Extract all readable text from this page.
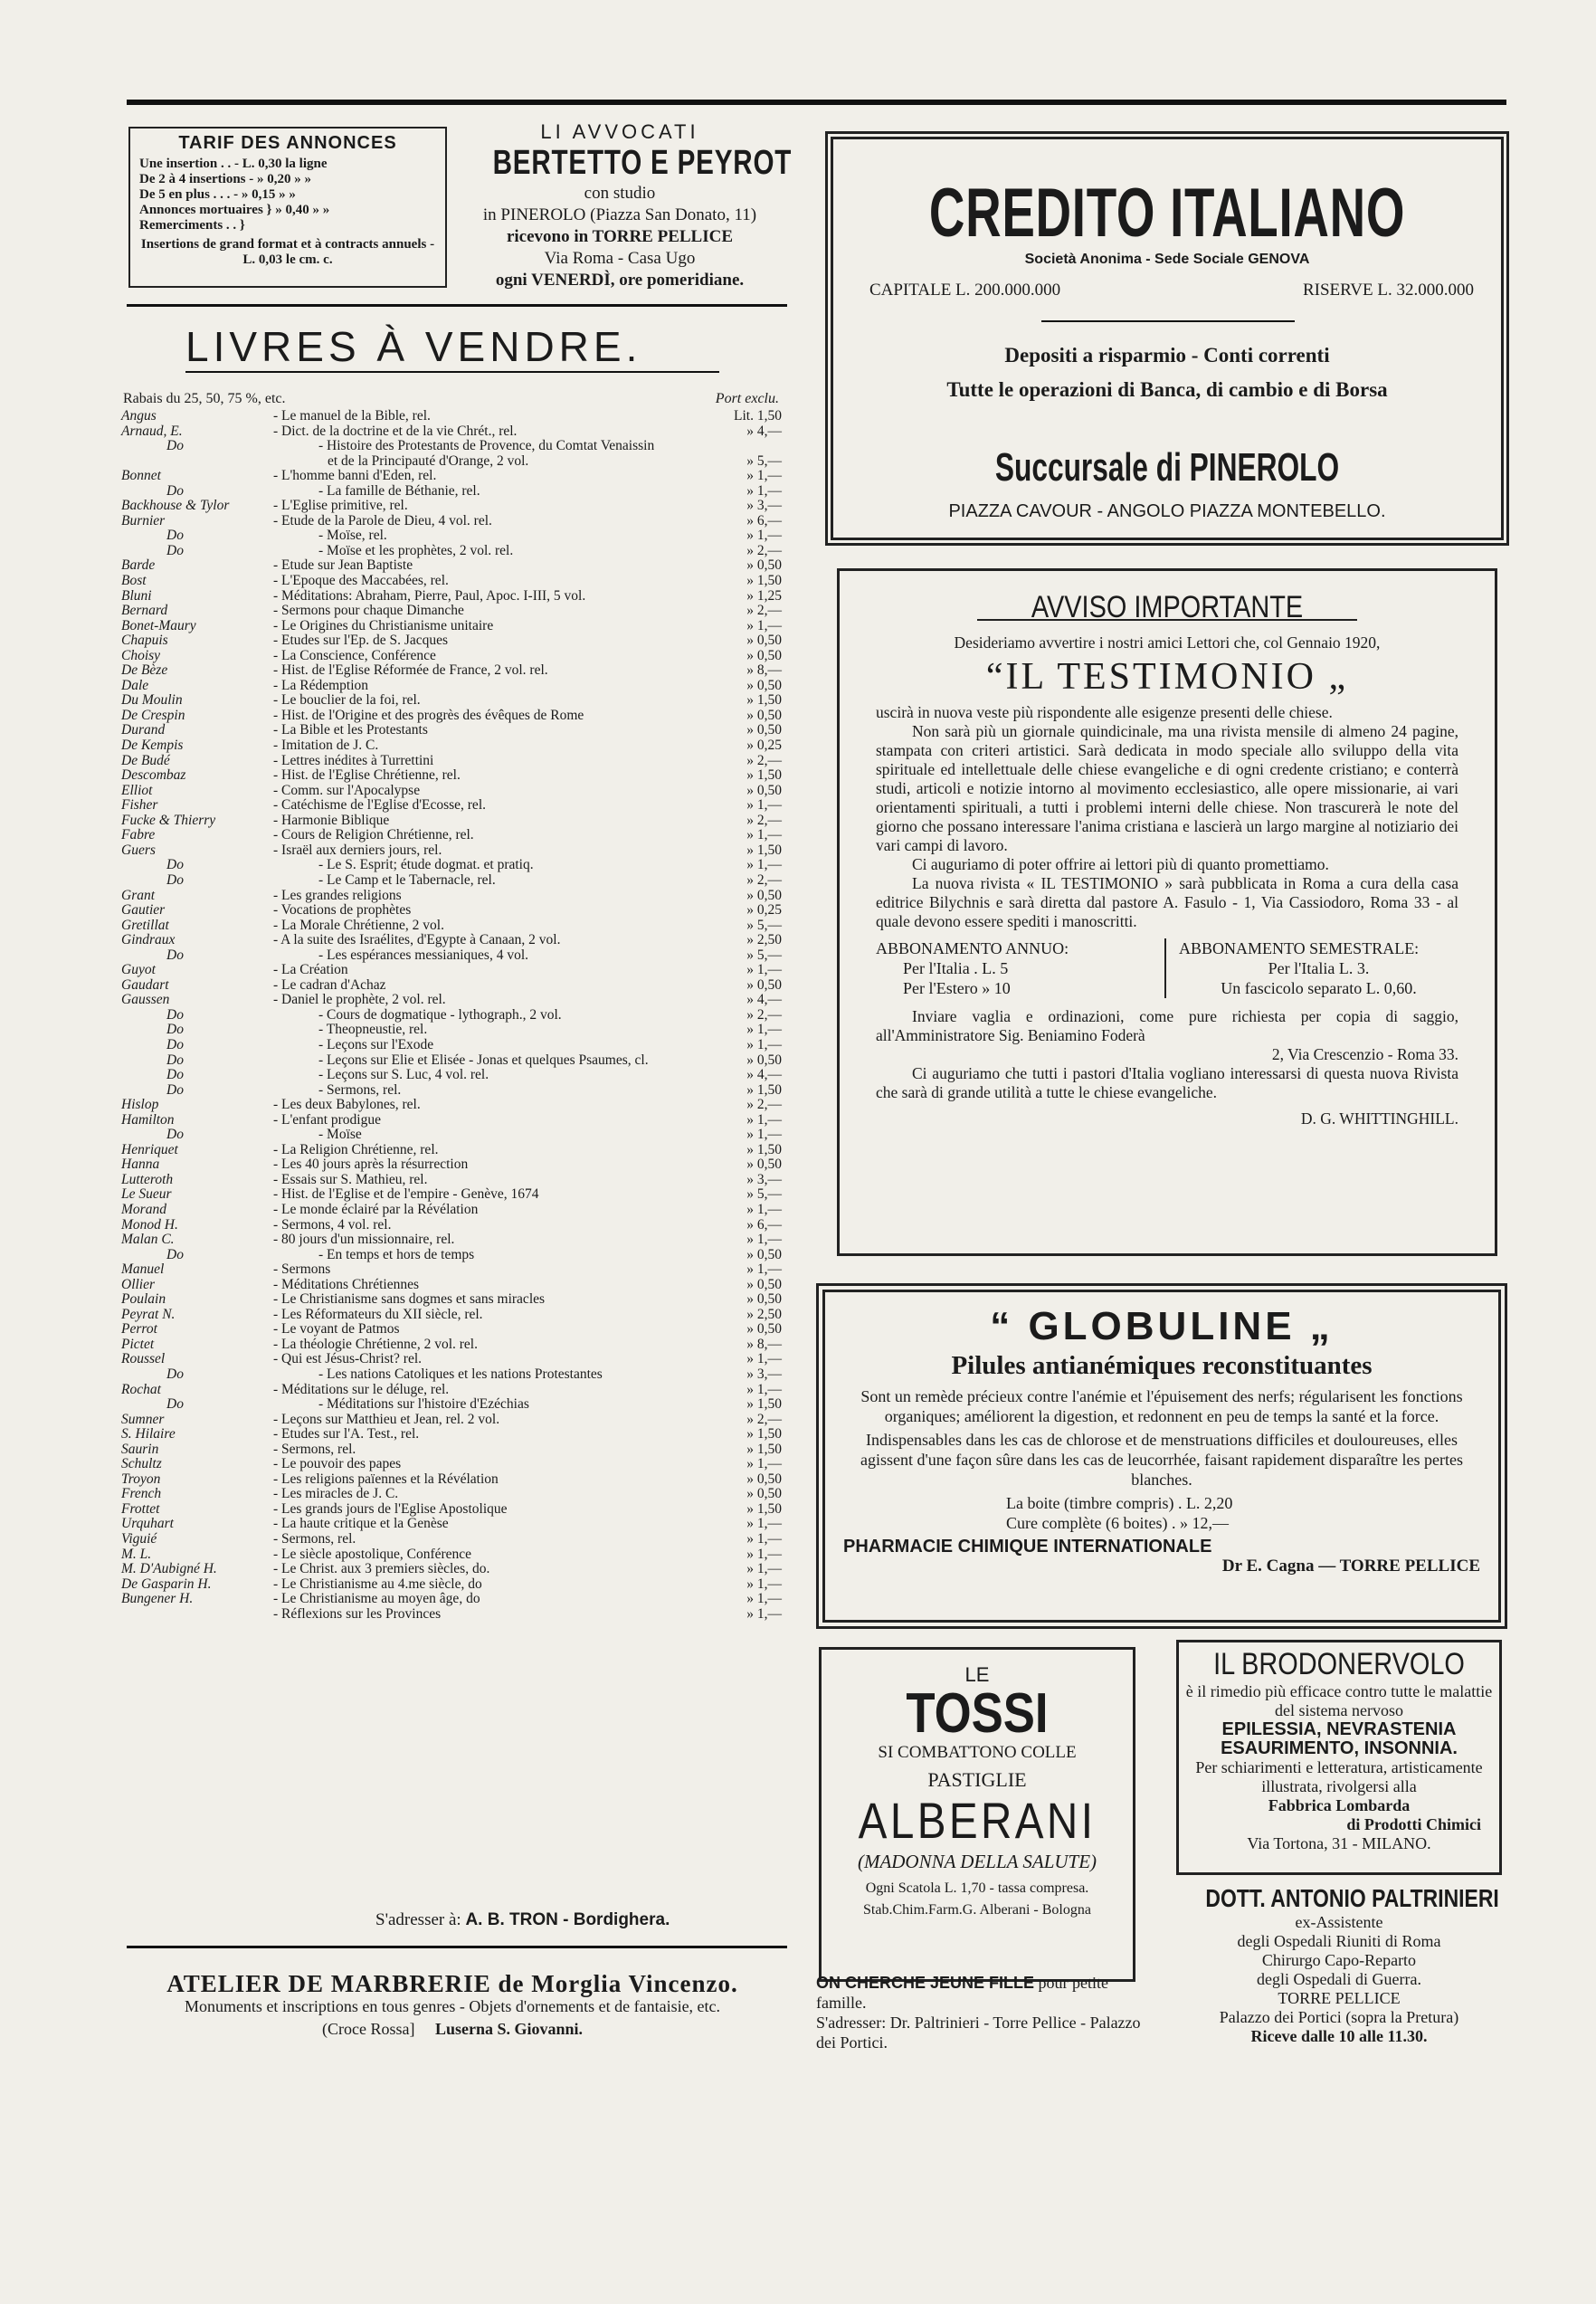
TARIF DES ANNONCES
Une insertion . . - L. 0,30 la ligne
De 2 à 4 insertions - » 0,20 » »
De 5 en plus . . . - » 0,15 » »
Annonces mortuaires } » 0,40 » »
Remerciments . . }
Insertions de grand format et à contracts annuels - L. 0,03 le cm. c.
LI AVVOCATI
BERTETTO E PEYROT
con studio
in PINEROLO (Piazza San Donato, 11)
ricevono in TORRE PELLICE
Via Roma - Casa Ugo
ogni VENERDÌ, ore pomeridiane.
LIVRES À VENDRE.
Rabais du 25, 50, 75 %, etc.	Port exclu.
Angus	- Le manuel de la Bible, rel.	Lit. 1,50
Arnaud, E.	- Dict. de la doctrine et de la vie Chrét., rel.	» 4,—
Do	- Histoire des Protestants de Provence, du Comtat Venaissin
et de la Principauté d'Orange, 2 vol.	» 5,—
Bonnet	- L'homme banni d'Eden, rel.	» 1,—
Do	- La famille de Béthanie, rel.	» 1,—
Backhouse & Tylor	- L'Eglise primitive, rel.	» 3,—
Burnier	- Etude de la Parole de Dieu, 4 vol. rel.	» 6,—
Do	- Moïse, rel.	» 1,—
Do	- Moïse et les prophètes, 2 vol. rel.	» 2,—
Barde	- Etude sur Jean Baptiste	» 0,50
Bost	- L'Epoque des Maccabées, rel.	» 1,50
Bluni	- Méditations: Abraham, Pierre, Paul, Apoc. I-III, 5 vol.	» 1,25
Bernard	- Sermons pour chaque Dimanche	» 2,—
Bonet-Maury	- Le Origines du Christianisme unitaire	» 1,—
Chapuis	- Etudes sur l'Ep. de S. Jacques	» 0,50
Choisy	- La Conscience, Conférence	» 0,50
De Bèze	- Hist. de l'Eglise Réformée de France, 2 vol. rel.	» 8,—
Dale	- La Rédemption	» 0,50
Du Moulin	- Le bouclier de la foi, rel.	» 1,50
De Crespin	- Hist. de l'Origine et des progrès des évêques de Rome	» 0,50
Durand	- La Bible et les Protestants	» 0,50
De Kempis	- Imitation de J. C.	» 0,25
De Budé	- Lettres inédites à Turrettini	» 2,—
Descombaz	- Hist. de l'Eglise Chrétienne, rel.	» 1,50
Elliot	- Comm. sur l'Apocalypse	» 0,50
Fisher	- Catéchisme de l'Eglise d'Ecosse, rel.	» 1,—
Fucke & Thierry	- Harmonie Biblique	» 2,—
Fabre	- Cours de Religion Chrétienne, rel.	» 1,—
Guers	- Israël aux derniers jours, rel.	» 1,50
Do	- Le S. Esprit; étude dogmat. et pratiq.	» 1,—
Do	- Le Camp et le Tabernacle, rel.	» 2,—
Grant	- Les grandes religions	» 0,50
Gautier	- Vocations de prophètes	» 0,25
Gretillat	- La Morale Chrétienne, 2 vol.	» 5,—
Gindraux	- A la suite des Israélites, d'Egypte à Canaan, 2 vol.	» 2,50
Do	- Les espérances messianiques, 4 vol.	» 5,—
Guyot	- La Création	» 1,—
Gaudart	- Le cadran d'Achaz	» 0,50
Gaussen	- Daniel le prophète, 2 vol. rel.	» 4,—
Do	- Cours de dogmatique - lythograph., 2 vol.	» 2,—
Do	- Theopneustie, rel.	» 1,—
Do	- Leçons sur l'Exode	» 1,—
Do	- Leçons sur Elie et Elisée - Jonas et quelques Psaumes, cl.	» 0,50
Do	- Leçons sur S. Luc, 4 vol. rel.	» 4,—
Do	- Sermons, rel.	» 1,50
Hislop	- Les deux Babylones, rel.	» 2,—
Hamilton	- L'enfant prodigue	» 1,—
Do	- Moïse	» 1,—
Henriquet	- La Religion Chrétienne, rel.	» 1,50
Hanna	- Les 40 jours après la résurrection	» 0,50
Lutteroth	- Essais sur S. Mathieu, rel.	» 3,—
Le Sueur	- Hist. de l'Eglise et de l'empire - Genève, 1674	» 5,—
Morand	- Le monde éclairé par la Révélation	» 1,—
Monod H.	- Sermons, 4 vol. rel.	» 6,—
Malan C.	- 80 jours d'un missionnaire, rel.	» 1,—
Do	- En temps et hors de temps	» 0,50
Manuel	- Sermons	» 1,—
Ollier	- Méditations Chrétiennes	» 0,50
Poulain	- Le Christianisme sans dogmes et sans miracles	» 0,50
Peyrat N.	- Les Réformateurs du XII siècle, rel.	» 2,50
Perrot	- Le voyant de Patmos	» 0,50
Pictet	- La théologie Chrétienne, 2 vol. rel.	» 8,—
Roussel	- Qui est Jésus-Christ? rel.	» 1,—
Do	- Les nations Catoliques et les nations Protestantes	» 3,—
Rochat	- Méditations sur le déluge, rel.	» 1,—
Do	- Méditations sur l'histoire d'Ezéchias	» 1,50
Sumner	- Leçons sur Matthieu et Jean, rel. 2 vol.	» 2,—
S. Hilaire	- Etudes sur l'A. Test., rel.	» 1,50
Saurin	- Sermons, rel.	» 1,50
Schultz	- Le pouvoir des papes	» 1,—
Troyon	- Les religions païennes et la Révélation	» 0,50
French	- Les miracles de J. C.	» 0,50
Frottet	- Les grands jours de l'Eglise Apostolique	» 1,50
Urquhart	- La haute critique et la Genèse	» 1,—
Viguié	- Sermons, rel.	» 1,—
M. L.	- Le siècle apostolique, Conférence	» 1,—
M. D'Aubigné H.	- Le Christ. aux 3 premiers siècles, do.	» 1,—
De Gasparin H.	- Le Christianisme au 4.me siècle, do	» 1,—
Bungener H.	- Le Christianisme au moyen âge, do	» 1,—
- Réflexions sur les Provinces	» 1,—
S'adresser à: A. B. TRON - Bordighera.
ATELIER DE MARBRERIE de Morglia Vincenzo.
Monuments et inscriptions en tous genres - Objets d'ornements et de fantaisie, etc.
(Croce Rossa] Luserna S. Giovanni.
CREDITO ITALIANO
Società Anonima - Sede Sociale GENOVA
CAPITALE L. 200.000.000	RISERVE L. 32.000.000
Depositi a risparmio - Conti correnti
Tutte le operazioni di Banca, di cambio e di Borsa
Succursale di PINEROLO
PIAZZA CAVOUR - ANGOLO PIAZZA MONTEBELLO.
AVVISO IMPORTANTE
Desideriamo avvertire i nostri amici Lettori che, col Gennaio 1920,
“IL TESTIMONIO „

uscirà in nuova veste più rispondente alle esigenze presenti delle chiese.

Non sarà più un giornale quindicinale, ma una rivista mensile di almeno 24 pagine, stampata con criteri artistici. Sarà dedicata in modo speciale allo sviluppo della vita spirituale ed intellettuale delle chiese evangeliche e di ogni credente cristiano; e conterrà studi, articoli e notizie intorno al movimento ecclesiastico, alle opere missionarie, ai vari orientamenti spirituali, a tutti i problemi interni delle chiese. Non trascurerà le note del giorno che possano interessare l'anima cristiana e lascierà un largo margine al notiziario dei vari campi di lavoro.

Ci auguriamo di poter offrire ai lettori più di quanto promettiamo.

La nuova rivista « IL TESTIMONIO » sarà pubblicata in Roma a cura della casa editrice Bilychnis e sarà diretta dal pastore A. Fasulo - 1, Via Cassiodoro, Roma 33 - al quale devono essere spediti i manoscritti.

ABBONAMENTO ANNUO:
Per l'Italia . L. 5
Per l'Estero » 10
ABBONAMENTO SEMESTRALE:
Per l'Italia L. 3.
Un fascicolo separato L. 0,60.

Inviare vaglia e ordinazioni, come pure richiesta per copia di saggio, all'Amministratore Sig. Beniamino Foderà

2, Via Crescenzio - Roma 33.

Ci auguriamo che tutti i pastori d'Italia vogliano interessarsi di questa nuova Rivista che sarà di grande utilità a tutte le chiese evangeliche.

D. G. WHITTINGHILL.
“ GLOBULINE „
Pilules antianémiques reconstituantes
Sont un remède précieux contre l'anémie et l'épuisement des nerfs; régularisent les fonctions organiques; améliorent la digestion, et redonnent en peu de temps la santé et la force.
Indispensables dans les cas de chlorose et de menstruations difficiles et douloureuses, elles agissent d'une façon sûre dans les cas de leucorrhée, faisant rapidement disparaître les pertes blanches.
La boite (timbre compris) . L. 2,20
Cure complète (6 boites) . » 12,—
PHARMACIE CHIMIQUE INTERNATIONALE
Dr E. Cagna — TORRE PELLICE
LE
TOSSI
SI COMBATTONO COLLE
PASTIGLIE
ALBERANI
(MADONNA DELLA SALUTE)
Ogni Scatola L. 1,70 - tassa compresa.
Stab.Chim.Farm.G. Alberani - Bologna
IL BRODONERVOLO
è il rimedio più efficace contro tutte le malattie del sistema nervoso
EPILESSIA, NEVRASTENIA ESAURIMENTO, INSONNIA.
Per schiarimenti e letteratura, artisticamente illustrata, rivolgersi alla
Fabbrica Lombarda
di Prodotti Chimici
Via Tortona, 31 - MILANO.
DOTT. ANTONIO PALTRINIERI
ex-Assistente
degli Ospedali Riuniti di Roma
Chirurgo Capo-Reparto
degli Ospedali di Guerra.
TORRE PELLICE
Palazzo dei Portici (sopra la Pretura)
Riceve dalle 10 alle 11.30.
ON CHERCHE JEUNE FILLE pour petite famille.
S'adresser: Dr. Paltrinieri - Torre Pellice - Palazzo dei Portici.
